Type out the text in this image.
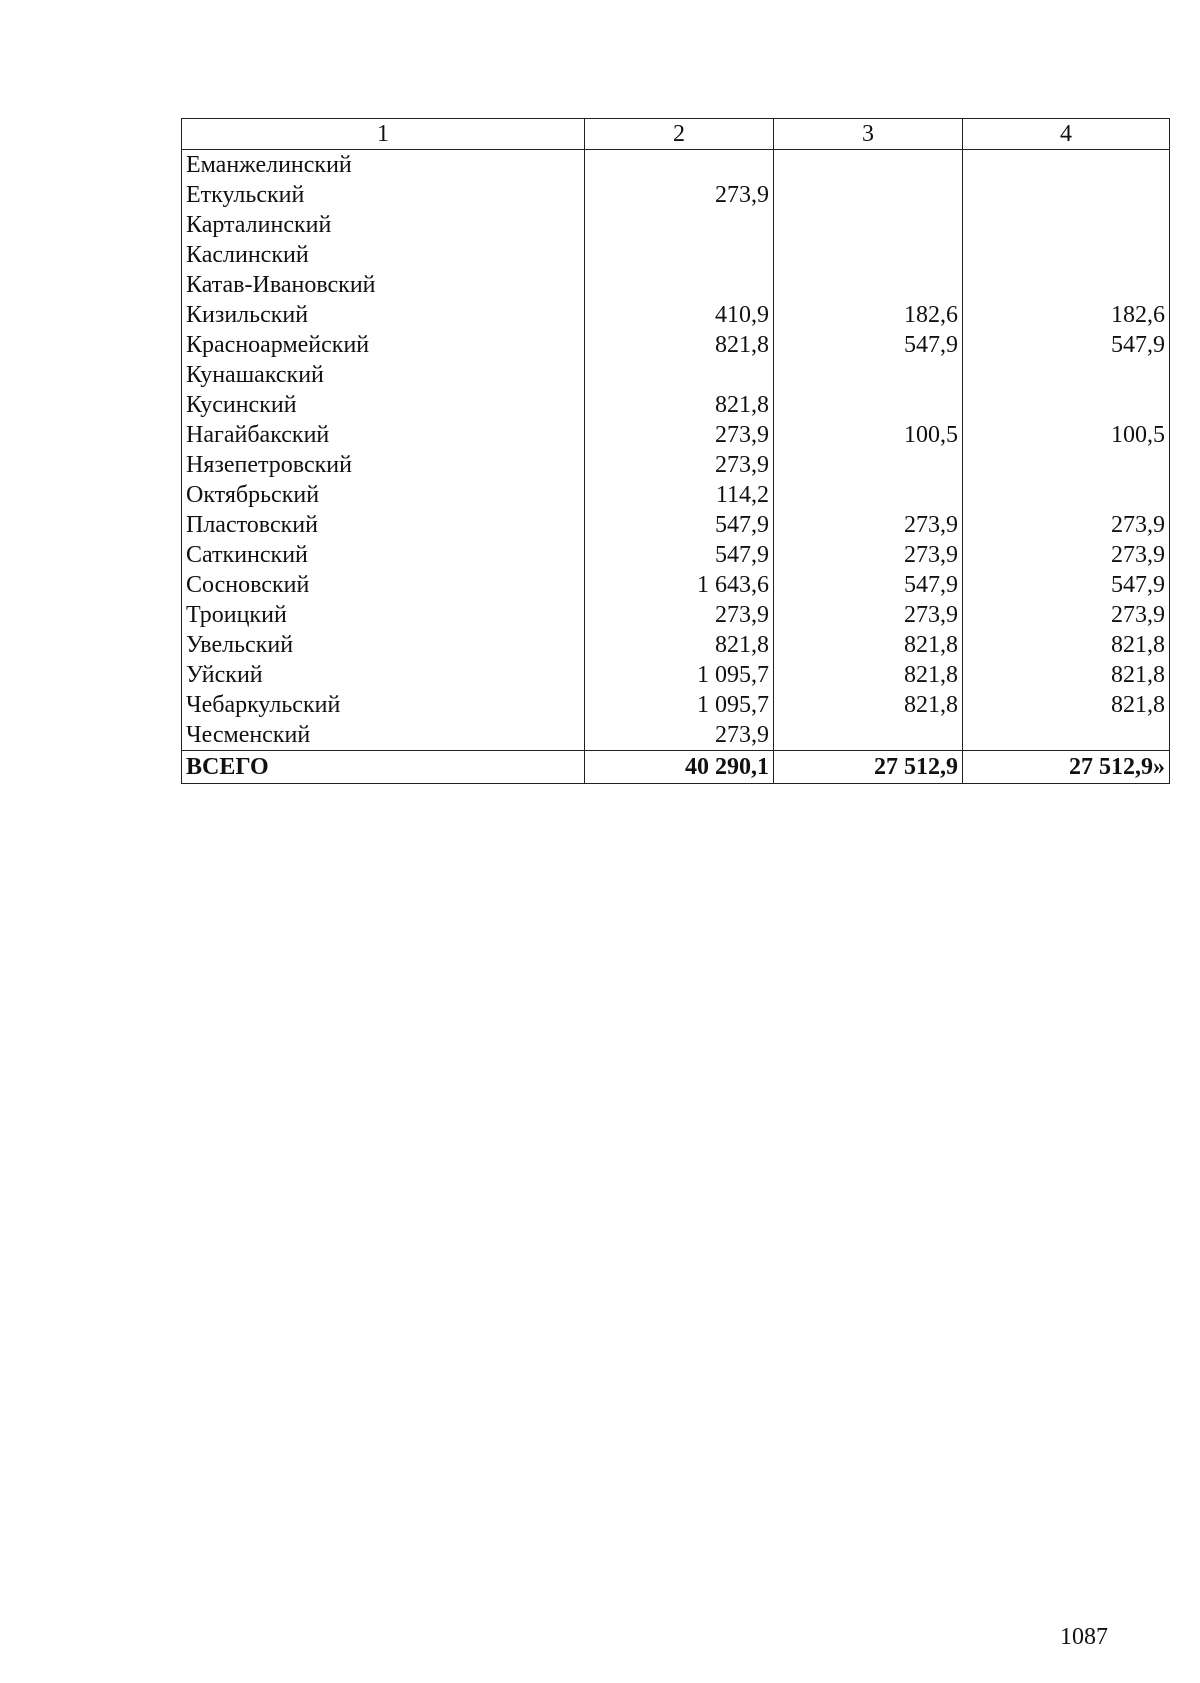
1	2	3	4
Еманжелинский			
Еткульский	273,9		
Карталинский			
Каслинский			
Катав-Ивановский			
Кизильский	410,9	182,6	182,6
Красноармейский	821,8	547,9	547,9
Кунашакский			
Кусинский	821,8		
Нагайбакский	273,9	100,5	100,5
Нязепетровский	273,9		
Октябрьский	114,2		
Пластовский	547,9	273,9	273,9
Саткинский	547,9	273,9	273,9
Сосновский	1 643,6	547,9	547,9
Троицкий	273,9	273,9	273,9
Увельский	821,8	821,8	821,8
Уйский	1 095,7	821,8	821,8
Чебаркульский	1 095,7	821,8	821,8
Чесменский	273,9		
ВСЕГО	40 290,1	27 512,9	27 512,9»
1087
